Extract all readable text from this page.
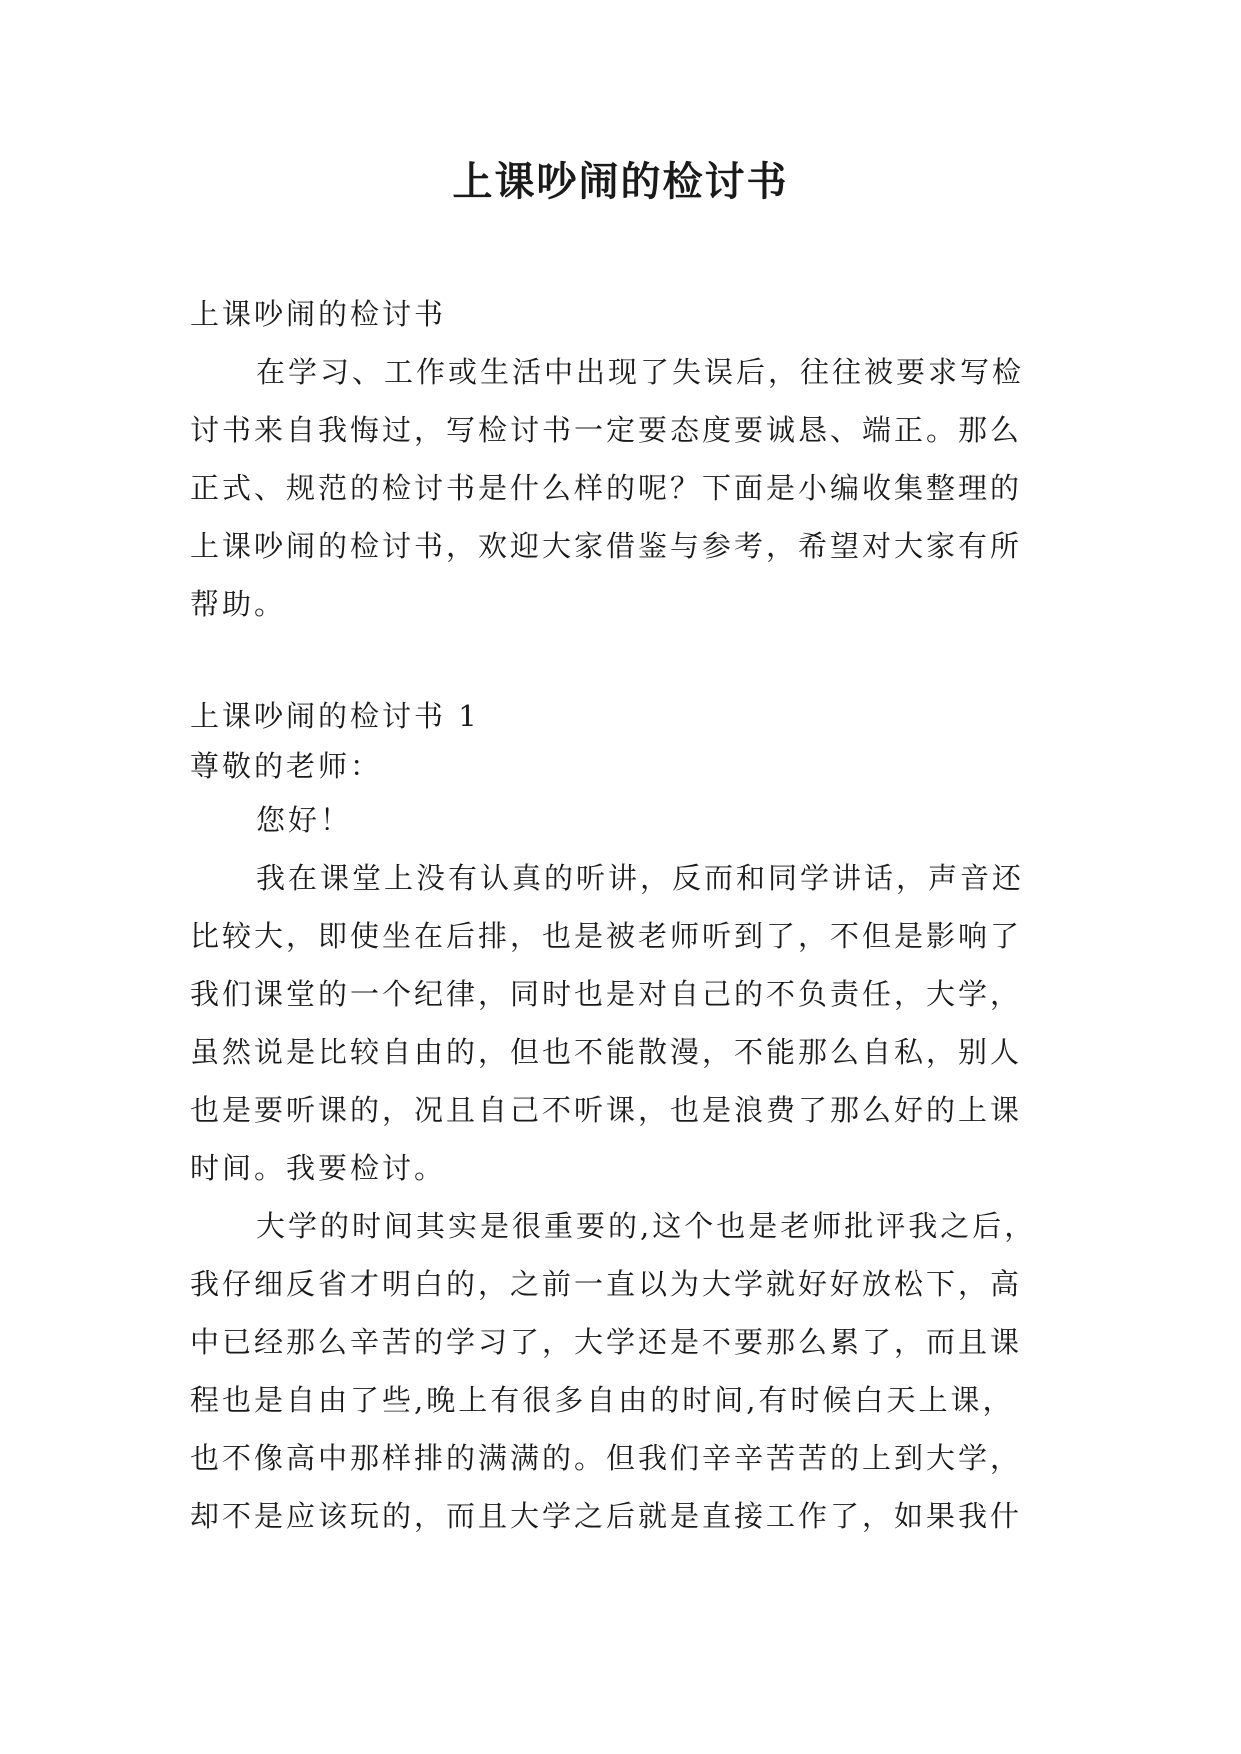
上课吵闹的检讨书
上课吵闹的检讨书
在学习、工作或生活中出现了失误后，往往被要求写检
讨书来自我悔过，写检讨书一定要态度要诚恳、端正。那么
正式、规范的检讨书是什么样的呢？下面是小编收集整理的
上课吵闹的检讨书，欢迎大家借鉴与参考，希望对大家有所
帮助。
上课吵闹的检讨书 1
尊敬的老师：
您好！
我在课堂上没有认真的听讲，反而和同学讲话，声音还
比较大，即使坐在后排，也是被老师听到了，不但是影响了
我们课堂的一个纪律，同时也是对自己的不负责任，大学，
虽然说是比较自由的，但也不能散漫，不能那么自私，别人
也是要听课的，况且自己不听课，也是浪费了那么好的上课
时间。我要检讨。
大学的时间其实是很重要的,这个也是老师批评我之后，
我仔细反省才明白的，之前一直以为大学就好好放松下，高
中已经那么辛苦的学习了，大学还是不要那么累了，而且课
程也是自由了些,晚上有很多自由的时间,有时候白天上课，
也不像高中那样排的满满的。但我们辛辛苦苦的上到大学，
却不是应该玩的，而且大学之后就是直接工作了，如果我什
